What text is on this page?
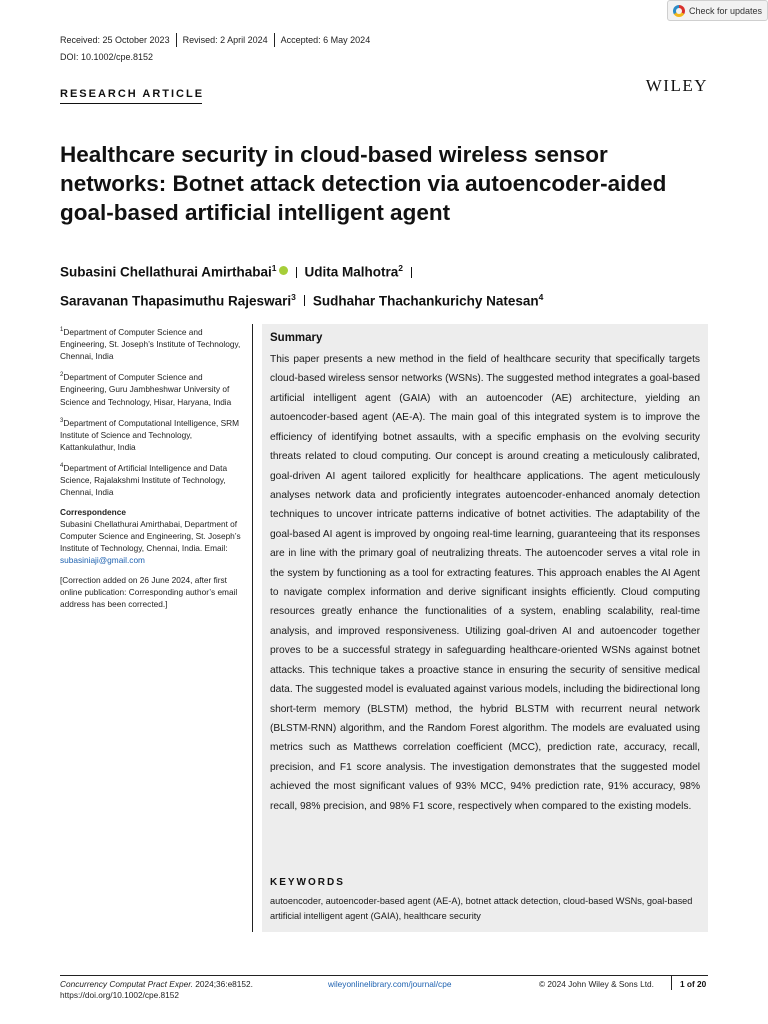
Check for updates
Received: 25 October 2023 Revised: 2 April 2024 Accepted: 6 May 2024
DOI: 10.1002/cpe.8152
RESEARCH ARTICLE	WILEY
Healthcare security in cloud-based wireless sensor networks: Botnet attack detection via autoencoder-aided goal-based artificial intelligent agent
Subasini Chellathurai Amirthabai$^1$ Udita Malhotra$^2$
Saravanan Thapasimuthu Rajeswari$^3$ Sudhahar Thachankurichy Natesan$^4$
$^1$Department of Computer Science and Engineering, St. Joseph’s Institute of Technology, Chennai, India
$^2$Department of Computer Science and Engineering, Guru Jambheshwar University of Science and Technology, Hisar, Haryana, India
$^3$Department of Computational Intelligence, SRM Institute of Science and Technology, Kattankulathur, India
$^4$Department of Artificial Intelligence and Data Science, Rajalakshmi Institute of Technology, Chennai, India
Correspondence
Subasini Chellathurai Amirthabai, Department of Computer Science and Engineering, St. Joseph’s Institute of Technology, Chennai, India. Email: subasiniaji@gmail.com
[Correction added on 26 June 2024, after first online publication: Corresponding author’s email address has been corrected.]
Summary

This paper presents a new method in the field of healthcare security that specifically targets cloud-based wireless sensor networks (WSNs). The suggested method integrates a goal-based artificial intelligent agent (GAIA) with an autoencoder (AE) architecture, yielding an autoencoder-based agent (AE-A). The main goal of this integrated system is to improve the efficiency of identifying botnet assaults, with a specific emphasis on the evolving security threats related to cloud computing. Our concept is around creating a meticulously calibrated, goal-driven AI agent tailored explicitly for healthcare applications. The agent meticulously analyses network data and proficiently integrates autoencoder-enhanced anomaly detection techniques to uncover intricate patterns indicative of botnet activities. The adaptability of the goal-based AI agent is improved by ongoing real-time learning, guaranteeing that its responses are in line with the primary goal of neutralizing threats. The autoencoder serves a vital role in the system by functioning as a tool for extracting features. This approach enables the AI Agent to navigate complex information and derive significant insights efficiently. Cloud computing resources greatly enhance the functionalities of a system, enabling scalability, real-time analysis, and improved responsiveness. Utilizing goal-driven AI and autoencoder together proves to be a successful strategy in safeguarding healthcare-oriented WSNs against botnet attacks. This technique takes a proactive stance in ensuring the security of sensitive medical data. The suggested model is evaluated against various models, including the bidirectional long short-term memory (BLSTM) method, the hybrid BLSTM with recurrent neural network (BLSTM-RNN) algorithm, and the Random Forest algorithm. The models are evaluated using metrics such as Matthews correlation coefficient (MCC), prediction rate, accuracy, recall, precision, and F1 score analysis. The investigation demonstrates that the suggested model achieved the most significant values of 93% MCC, 94% prediction rate, 91% accuracy, 98% recall, 98% precision, and 98% F1 score, respectively when compared to the existing models.

KEYWORDS

autoencoder, autoencoder-based agent (AE-A), botnet attack detection, cloud-based WSNs, goal-based artificial intelligent agent (GAIA), healthcare security

Concurrency Computat Pract Exper. 2024;36:e8152.
https://doi.org/10.1002/cpe.8152
wileyonlinelibrary.com/journal/cpe	© 2024 John Wiley & Sons Ltd.	1 of 20
